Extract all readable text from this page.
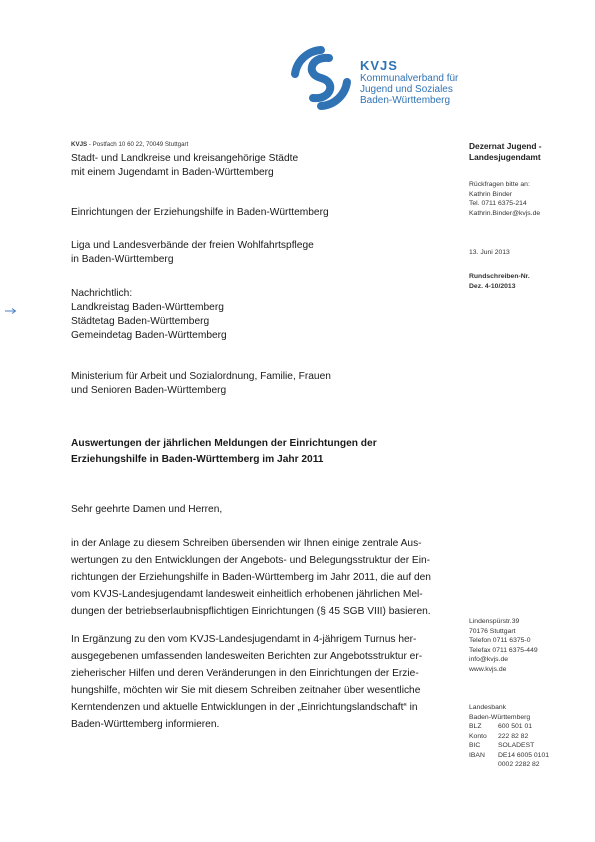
KVJS
Kommunalverband für
Jugend und Soziales
Baden-Württemberg
KVJS - Postfach 10 60 22, 70049 Stuttgart
Stadt- und Landkreise und kreisangehörige Städte
mit einem Jugendamt in Baden-Württemberg
Einrichtungen der Erziehungshilfe in Baden-Württemberg
Liga und Landesverbände der freien Wohlfahrtspflege
in Baden-Württemberg
Nachrichtlich:
Landkreistag Baden-Württemberg
Städtetag Baden-Württemberg
Gemeindetag Baden-Württemberg
Ministerium für Arbeit und Sozialordnung, Familie, Frauen
und Senioren Baden-Württemberg
Dezernat Jugend -
Landesjugendamt
Rückfragen bitte an:
Kathrin Binder
Tel. 0711 6375-214
Kathrin.Binder@kvjs.de
13. Juni 2013
Rundschreiben-Nr.
Dez. 4-10/2013
Lindenspürstr.39
70176 Stuttgart
Telefon 0711 6375-0
Telefax 0711 6375-449
info@kvjs.de
www.kvjs.de
Landesbank
Baden-Württemberg
BLZ 600 501 01
Konto 222 82 82
BIC	SOLADEST
IBAN DE14 6005 0101
0002 2282 82
Auswertungen der jährlichen Meldungen der Einrichtungen der
Erziehungshilfe in Baden-Württemberg im Jahr 2011
Sehr geehrte Damen und Herren,
in der Anlage zu diesem Schreiben übersenden wir Ihnen einige zentrale Aus-
wertungen zu den Entwicklungen der Angebots- und Belegungsstruktur der Ein-
richtungen der Erziehungshilfe in Baden-Württemberg im Jahr 2011, die auf den
vom KVJS-Landesjugendamt landesweit einheitlich erhobenen jährlichen Mel-
dungen der betriebserlaubnispflichtigen Einrichtungen (§ 45 SGB VIII) basieren.
In Ergänzung zu den vom KVJS-Landesjugendamt in 4-jährigem Turnus her-
ausgegebenen umfassenden landesweiten Berichten zur Angebotsstruktur er-
zieherischer Hilfen und deren Veränderungen in den Einrichtungen der Erzie-
hungshilfe, möchten wir Sie mit diesem Schreiben zeitnaher über wesentliche
Kerntendenzen und aktuelle Entwicklungen in der „Einrichtungslandschaft“ in
Baden-Württemberg informieren.
